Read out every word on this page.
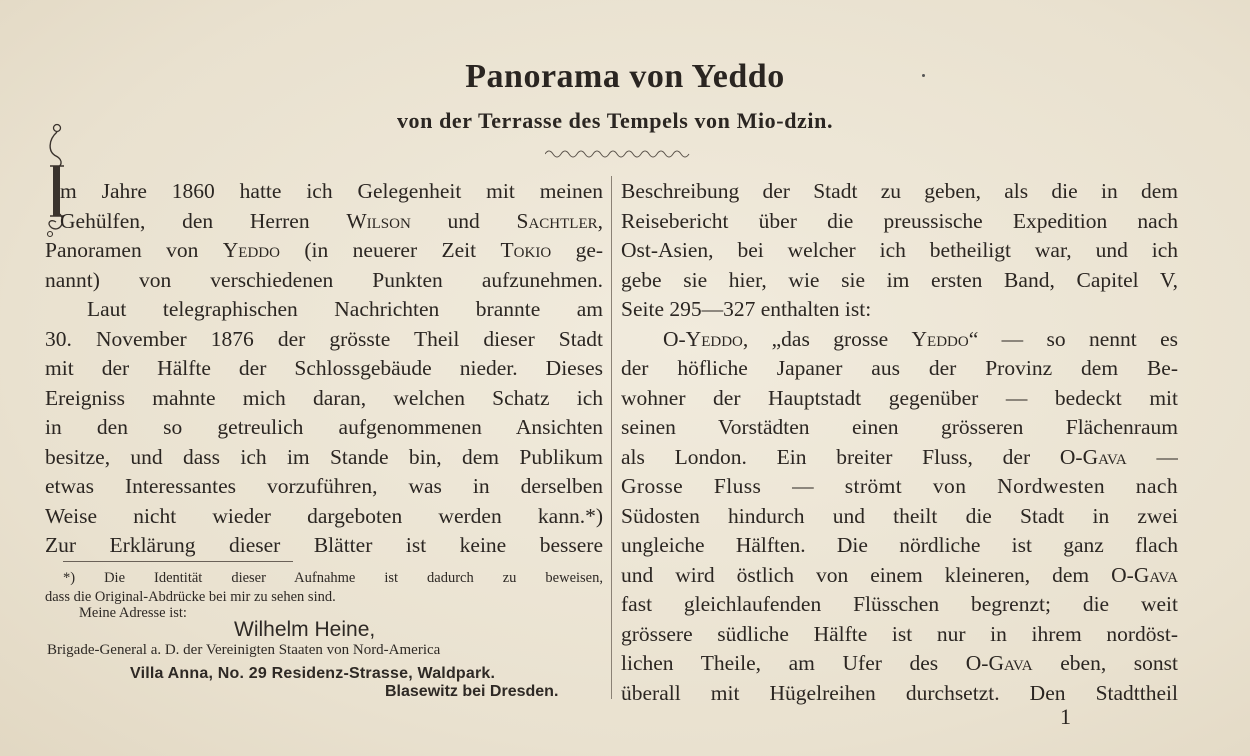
Panorama von Yeddo
von der Terrasse des Tempels von Mio-dzin.
m Jahre 1860 hatte ich Gelegenheit mit meinen
Gehülfen, den Herren Wilson und Sachtler,
Panoramen von Yeddo (in neuerer Zeit Tokio ge-
nannt) von verschiedenen Punkten aufzunehmen.
Laut telegraphischen Nachrichten brannte am
30. November 1876 der grösste Theil dieser Stadt
mit der Hälfte der Schlossgebäude nieder. Dieses
Ereigniss mahnte mich daran, welchen Schatz ich
in den so getreulich aufgenommenen Ansichten
besitze, und dass ich im Stande bin, dem Publikum
etwas Interessantes vorzuführen, was in derselben
Weise nicht wieder dargeboten werden kann.*)
Zur Erklärung dieser Blätter ist keine bessere
*) Die Identität dieser Aufnahme ist dadurch zu beweisen,
dass die Original-Abdrücke bei mir zu sehen sind.
Meine Adresse ist:
Wilhelm Heine,
Brigade-General a. D. der Vereinigten Staaten von Nord-America
Villa Anna, No. 29 Residenz-Strasse, Waldpark.
Blasewitz bei Dresden.
Beschreibung der Stadt zu geben, als die in dem
Reisebericht über die preussische Expedition nach
Ost-Asien, bei welcher ich betheiligt war, und ich
gebe sie hier, wie sie im ersten Band, Capitel V,
Seite 295—327 enthalten ist:
O-Yeddo, „das grosse Yeddo“ — so nennt es
der höfliche Japaner aus der Provinz dem Be-
wohner der Hauptstadt gegenüber — bedeckt mit
seinen Vorstädten einen grösseren Flächenraum
als London. Ein breiter Fluss, der O-Gava —
Grosse Fluss — strömt von Nordwesten nach
Südosten hindurch und theilt die Stadt in zwei
ungleiche Hälften. Die nördliche ist ganz flach
und wird östlich von einem kleineren, dem O-Gava
fast gleichlaufenden Flüsschen begrenzt; die weit
grössere südliche Hälfte ist nur in ihrem nordöst-
lichen Theile, am Ufer des O-Gava eben, sonst
überall mit Hügelreihen durchsetzt. Den Stadttheil
1
